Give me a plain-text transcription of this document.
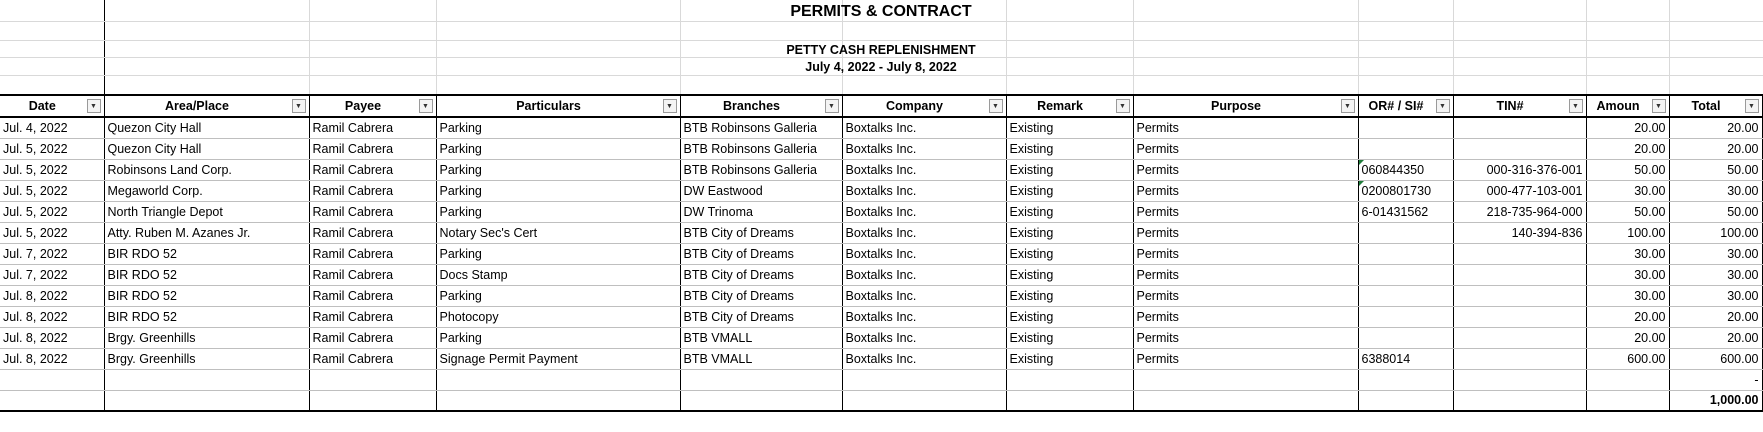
PERMITS & CONTRACT
PETTY CASH REPLENISHMENT
July 4, 2022 - July 8, 2022
Date ▼	Area/Place ▼	Payee ▼	Particulars ▼	Branches ▼	Company ▼	Remark ▼	Purpose ▼	OR# / SI# ▼	TIN# ▼	Amoun ▼	Total ▼

Jul. 4, 2022	Quezon City Hall	Ramil Cabrera	Parking	BTB Robinsons Galleria	Boxtalks Inc.	Existing	Permits			20.00	20.00
Jul. 5, 2022	Quezon City Hall	Ramil Cabrera	Parking	BTB Robinsons Galleria	Boxtalks Inc.	Existing	Permits			20.00	20.00
Jul. 5, 2022	Robinsons Land Corp.	Ramil Cabrera	Parking	BTB Robinsons Galleria	Boxtalks Inc.	Existing	Permits	060844350	000-316-376-001	50.00	50.00
Jul. 5, 2022	Megaworld Corp.	Ramil Cabrera	Parking	DW Eastwood	Boxtalks Inc.	Existing	Permits	0200801730	000-477-103-001	30.00	30.00
Jul. 5, 2022	North Triangle Depot	Ramil Cabrera	Parking	DW Trinoma	Boxtalks Inc.	Existing	Permits	6-01431562	218-735-964-000	50.00	50.00
Jul. 5, 2022	Atty. Ruben M. Azanes Jr.	Ramil Cabrera	Notary Sec's Cert	BTB City of Dreams	Boxtalks Inc.	Existing	Permits		140-394-836	100.00	100.00
Jul. 7, 2022	BIR RDO 52	Ramil Cabrera	Parking	BTB City of Dreams	Boxtalks Inc.	Existing	Permits			30.00	30.00
Jul. 7, 2022	BIR RDO 52	Ramil Cabrera	Docs Stamp	BTB City of Dreams	Boxtalks Inc.	Existing	Permits			30.00	30.00
Jul. 8, 2022	BIR RDO 52	Ramil Cabrera	Parking	BTB City of Dreams	Boxtalks Inc.	Existing	Permits			30.00	30.00
Jul. 8, 2022	BIR RDO 52	Ramil Cabrera	Photocopy	BTB City of Dreams	Boxtalks Inc.	Existing	Permits			20.00	20.00
Jul. 8, 2022	Brgy. Greenhills	Ramil Cabrera	Parking	BTB VMALL	Boxtalks Inc.	Existing	Permits			20.00	20.00
Jul. 8, 2022	Brgy. Greenhills	Ramil Cabrera	Signage Permit Payment	BTB VMALL	Boxtalks Inc.	Existing	Permits	6388014		600.00	600.00
											-
											1,000.00
